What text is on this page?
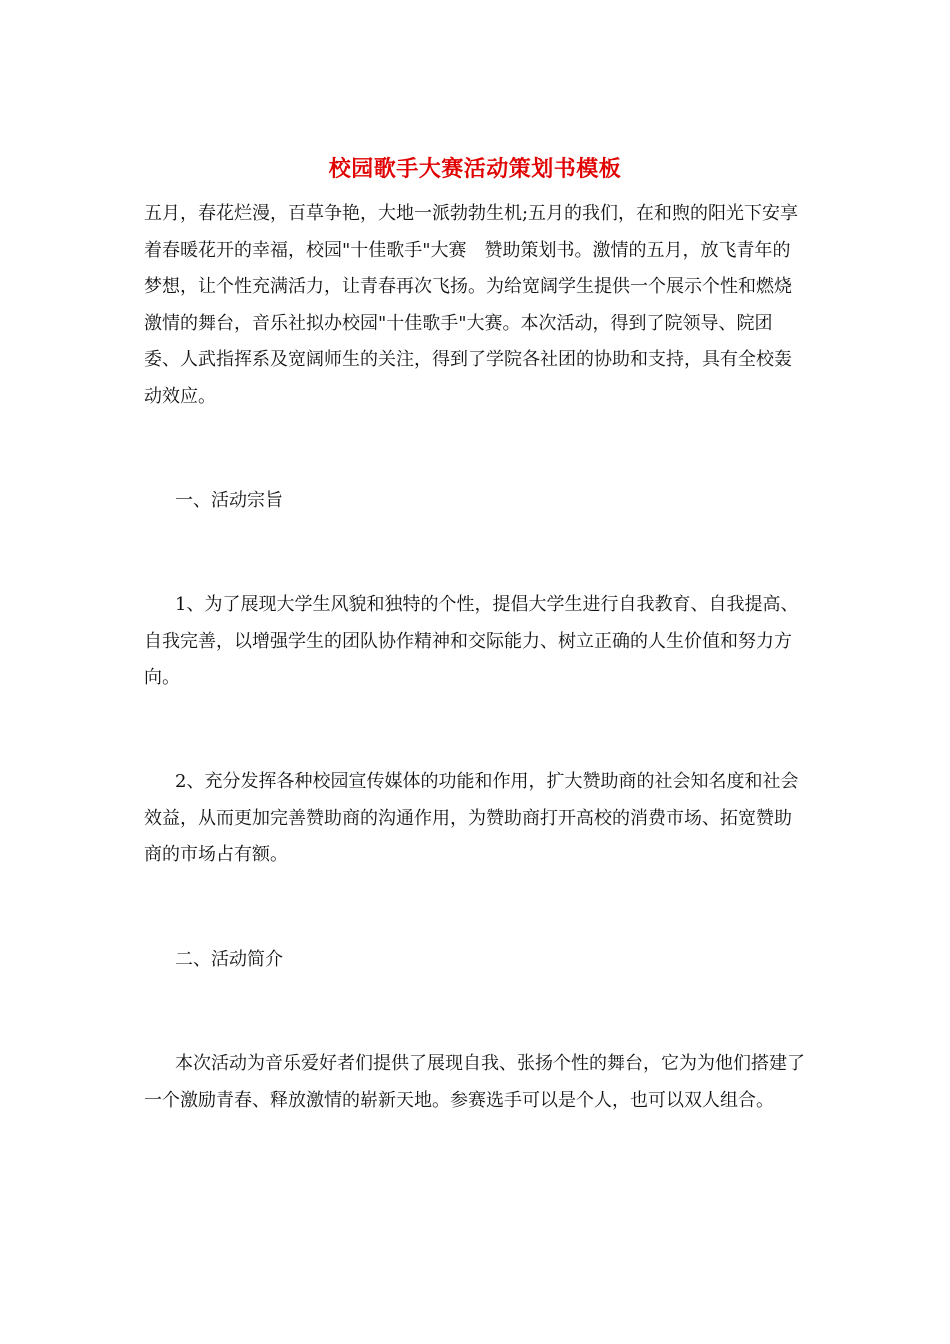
校园歌手大赛活动策划书模板

五月，春花烂漫，百草争艳，大地一派勃勃生机;五月的我们，在和煦的阳光下安享着春暖花开的幸福，校园"十佳歌手"大赛　赞助策划书。激情的五月，放飞青年的梦想，让个性充满活力，让青春再次飞扬。为给宽阔学生提供一个展示个性和燃烧激情的舞台，音乐社拟办校园"十佳歌手"大赛。本次活动，得到了院领导、院团委、人武指挥系及宽阔师生的关注，得到了学院各社团的协助和支持，具有全校轰动效应。

一、活动宗旨

1、为了展现大学生风貌和独特的个性，提倡大学生进行自我教育、自我提高、自我完善，以增强学生的团队协作精神和交际能力、树立正确的人生价值和努力方向。

2、充分发挥各种校园宣传媒体的功能和作用，扩大赞助商的社会知名度和社会效益，从而更加完善赞助商的沟通作用，为赞助商打开高校的消费市场、拓宽赞助商的市场占有额。

二、活动简介

本次活动为音乐爱好者们提供了展现自我、张扬个性的舞台，它为为他们搭建了一个激励青春、释放激情的崭新天地。参赛选手可以是个人，也可以双人组合。
